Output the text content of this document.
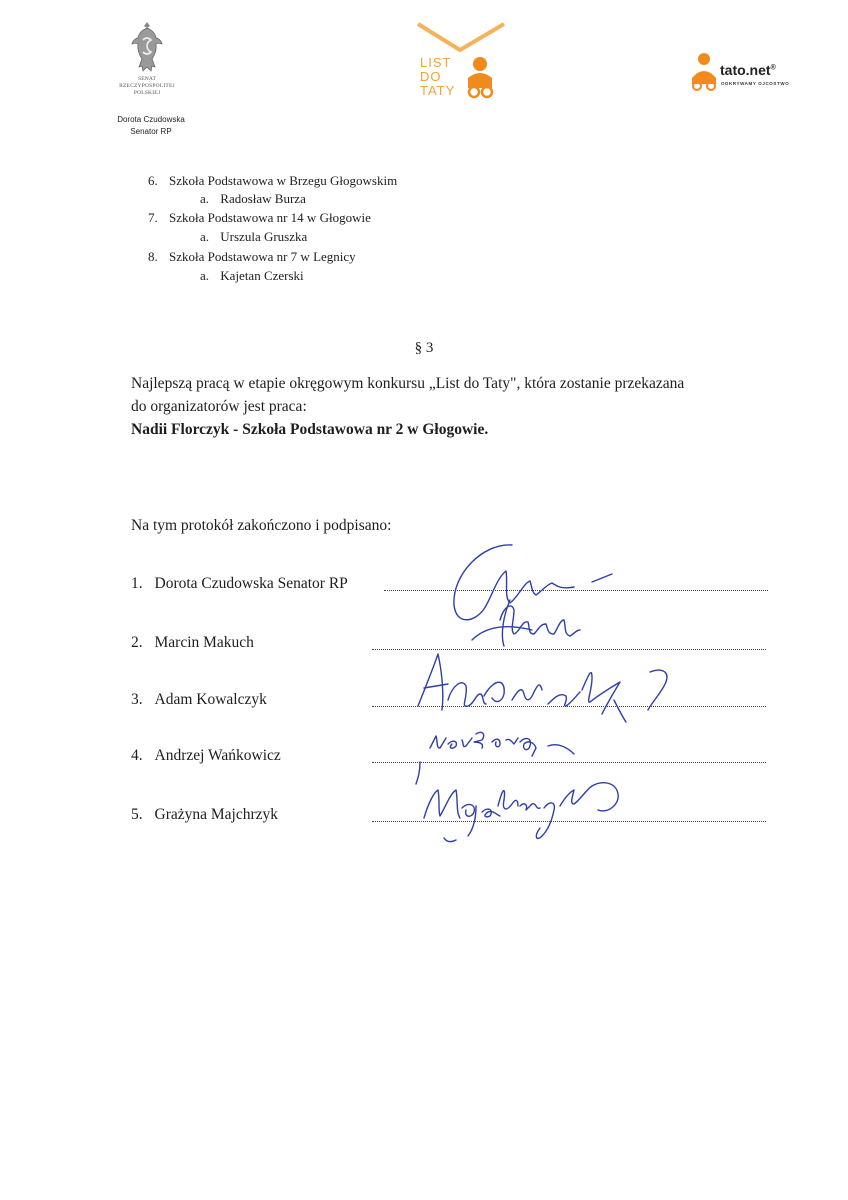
SENAT
RZECZYPOSPOLITEJ
POLSKIEJ
Dorota Czudowska
Senator RP
LIST
DO
TATY
tato.net®
ODKRYWAMY OJCOSTWO
6. Szkoła Podstawowa w Brzegu Głogowskim
a. Radosław Burza
7. Szkoła Podstawowa nr 14 w Głogowie
a. Urszula Gruszka
8. Szkoła Podstawowa nr 7 w Legnicy
a. Kajetan Czerski
§ 3
Najlepszą pracą w etapie okręgowym konkursu „List do Taty", która zostanie przekazana
do organizatorów jest praca:
Nadii Florczyk - Szkoła Podstawowa nr 2 w Głogowie.
Na tym protokół zakończono i podpisano:
1. Dorota Czudowska Senator RP
2. Marcin Makuch
3. Adam Kowalczyk
4. Andrzej Wańkowicz
5. Grażyna Majchrzyk
